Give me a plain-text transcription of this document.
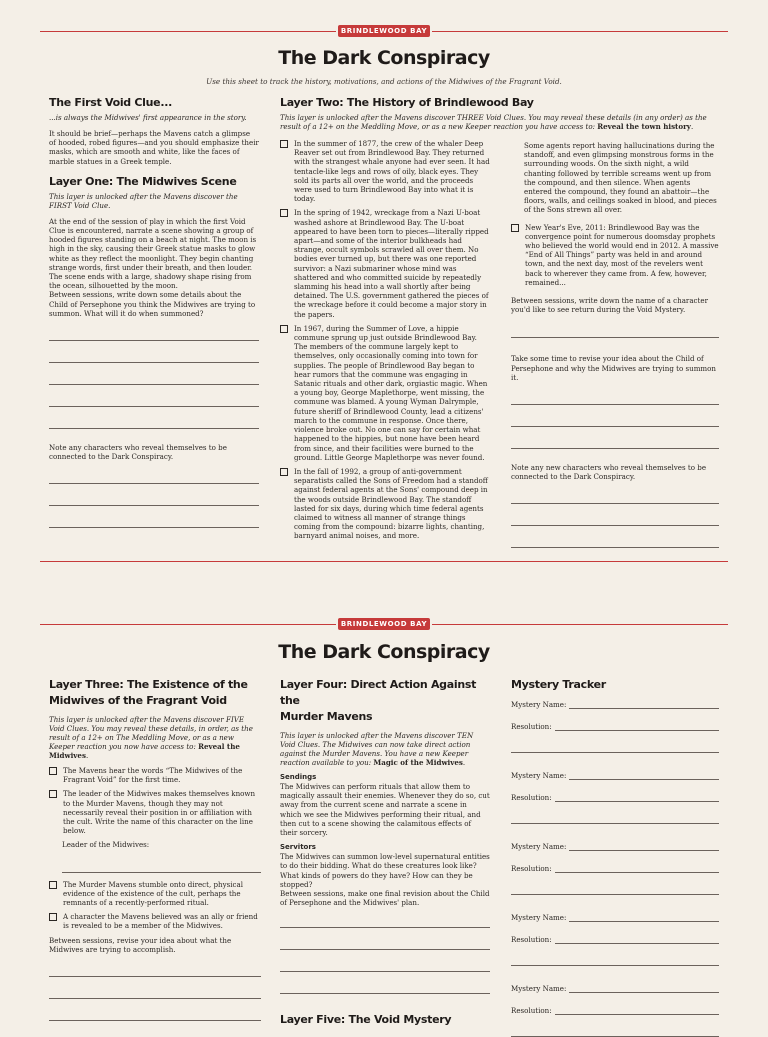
BRINDLEWOOD BAY
The Dark Conspiracy
Use this sheet to track the history, motivations, and actions of the Midwives of the Fragrant Void.
The First Void Clue...

...is always the Midwives' first appearance in the story.

It should be brief—perhaps the Mavens catch a glimpse of hooded, robed figures—and you should emphasize their masks, which are smooth and white, like the faces of marble statues in a Greek temple.

Layer One: The Midwives Scene

This layer is unlocked after the Mavens discover the FIRST Void Clue.

At the end of the session of play in which the first Void Clue is encountered, narrate a scene showing a group of hooded figures standing on a beach at night. The moon is high in the sky, causing their Greek statue masks to glow white as they reflect the moonlight. They begin chanting strange words, first under their breath, and then louder. The scene ends with a large, shadowy shape rising from the ocean, silhouetted by the moon.

Between sessions, write down some details about the Child of Persephone you think the Midwives are trying to summon. What will it do when summoned?

Note any characters who reveal themselves to be connected to the Dark Conspiracy.

Layer Two: The History of Brindlewood Bay

This layer is unlocked after the Mavens discover THREE Void Clues. You may reveal these details (in any order) as the result of a 12+ on the Meddling Move, or as a new Keeper reaction you have access to: Reveal the town history.

In the summer of 1877, the crew of the whaler Deep Reaver set out from Brindlewood Bay. They returned with the strangest whale anyone had ever seen. It had tentacle-like legs and rows of oily, black eyes. They sold its parts all over the world, and the proceeds were used to turn Brindlewood Bay into what it is today.

In the spring of 1942, wreckage from a Nazi U-boat washed ashore at Brindlewood Bay. The U-boat appeared to have been torn to pieces—literally ripped apart—and some of the interior bulkheads had strange, occult symbols scrawled all over them. No bodies ever turned up, but there was one reported survivor: a Nazi submariner whose mind was shattered and who committed suicide by repeatedly slamming his head into a wall shortly after being detained. The U.S. government gathered the pieces of the wreckage before it could become a major story in the papers.

In 1967, during the Summer of Love, a hippie commune sprung up just outside Brindlewood Bay. The members of the commune largely kept to themselves, only occasionally coming into town for supplies. The people of Brindlewood Bay began to hear rumors that the commune was engaging in Satanic rituals and other dark, orgiastic magic. When a young boy, George Maplethorpe, went missing, the commune was blamed. A young Wyman Dalrymple, future sheriff of Brindlewood County, lead a citizens' march to the commune in response. Once there, violence broke out. No one can say for certain what happened to the hippies, but none have been heard from since, and their facilities were burned to the ground. Little George Maplethorpe was never found.

In the fall of 1992, a group of anti-government separatists called the Sons of Freedom had a standoff against federal agents at the Sons' compound deep in the woods outside Brindlewood Bay. The standoff lasted for six days, during which time federal agents claimed to witness all manner of strange things coming from the compound: bizarre lights, chanting, barnyard animal noises, and more.

Some agents report having hallucinations during the standoff, and even glimpsing monstrous forms in the surrounding woods. On the sixth night, a wild chanting followed by terrible screams went up from the compound, and then silence. When agents entered the compound, they found an abattoir—the floors, walls, and ceilings soaked in blood, and pieces of the Sons strewn all over.

New Year's Eve, 2011: Brindlewood Bay was the convergence point for numerous doomsday prophets who believed the world would end in 2012. A massive “End of All Things” party was held in and around town, and the next day, most of the revelers went back to wherever they came from. A few, however, remained...

Between sessions, write down the name of a character you'd like to see return during the Void Mystery.

Take some time to revise your idea about the Child of Persephone and why the Midwives are trying to summon it.

Note any new characters who reveal themselves to be connected to the Dark Conspiracy.

BRINDLEWOOD BAY
The Dark Conspiracy
Layer Three: The Existence of the
Midwives of the Fragrant Void

This layer is unlocked after the Mavens discover FIVE Void Clues. You may reveal these details, in order, as the result of a 12+ on The Meddling Move, or as a new Keeper reaction you now have access to: Reveal the Midwives.

The Mavens hear the words “The Midwives of the Fragrant Void” for the first time.

The leader of the Midwives makes themselves known to the Murder Mavens, though they may not necessarily reveal their position in or affiliation with the cult. Write the name of this character on the line below.

Leader of the Midwives:

The Murder Mavens stumble onto direct, physical evidence of the existence of the cult, perhaps the remnants of a recently-performed ritual.

A character the Mavens believed was an ally or friend is revealed to be a member of the Midwives.

Between sessions, revise your idea about what the Midwives are trying to accomplish.

Layer Four: Direct Action Against the
Murder Mavens

This layer is unlocked after the Mavens discover TEN Void Clues. The Midwives can now take direct action against the Murder Mavens. You have a new Keeper reaction available to you: Magic of the Midwives.

Sendings

The Midwives can perform rituals that allow them to magically assault their enemies. Whenever they do so, cut away from the current scene and narrate a scene in which we see the Midwives performing their ritual, and then cut to a scene showing the calamitous effects of their sorcery.

Servitors

The Midwives can summon low-level supernatural entities to do their bidding. What do these creatures look like? What kinds of powers do they have? How can they be stopped?

Between sessions, make one final revision about the Child of Persephone and the Midwives' plan.

Layer Five: The Void Mystery
Mystery Tracker
Mystery Name:
Resolution:
Mystery Name:
Resolution:
Mystery Name:
Resolution:
Mystery Name:
Resolution:
Mystery Name:
Resolution:
